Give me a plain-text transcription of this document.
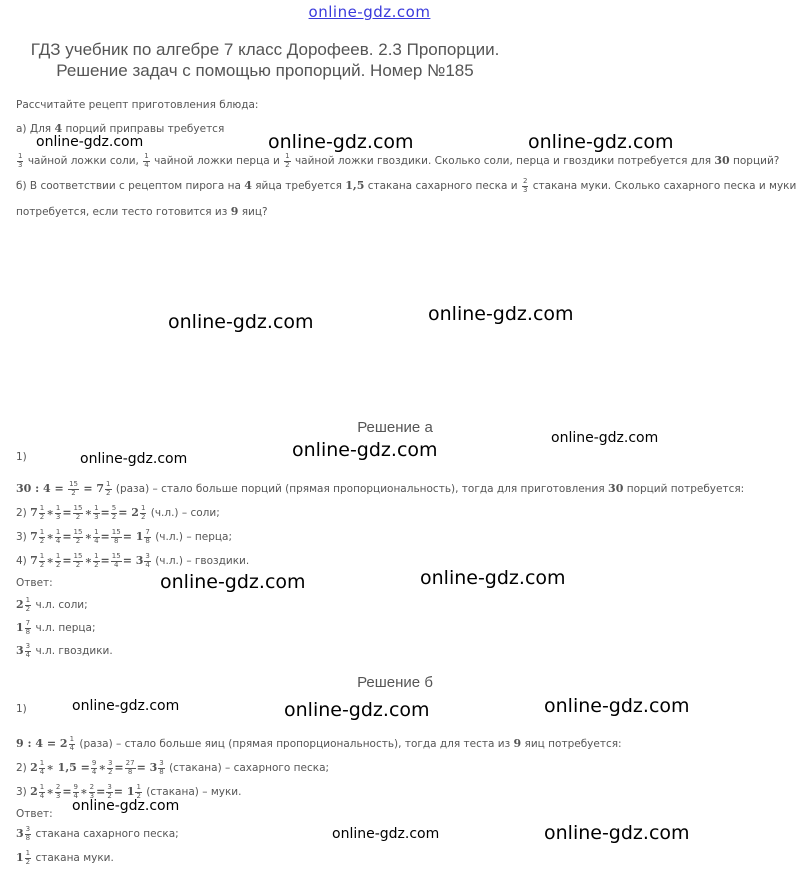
online-gdz.com
ГДЗ учебник по алгебре 7 класс Дорофеев. 2.3 Пропорции.
Решение задач с помощью пропорций. Номер №185
Рассчитайте рецепт приготовления блюда:
а) Для 4 порций приправы требуется
$\frac{1}{3}$ чайной ложки соли, $\frac{1}{4}$ чайной ложки перца и $\frac{1}{2}$ чайной ложки гвоздики. Сколько соли, перца и гвоздики потребуется для 30 порций?
б) В соответствии с рецептом пирога на 4 яйца требуется 1,5 стакана сахарного песка и $\frac{2}{3}$ стакана муки. Сколько сахарного песка и муки
потребуется, если тесто готовится из 9 яиц?
Решение а
1)
30 : $4 = \frac{15}{2} = 7 \frac{1}{2}$ (раза) – стало больше порций (прямая пропорциональность), тогда для приготовления 30 порций потребуется:
2) $7 \frac{1}{2}$ ∗ $\frac{1}{3} = \frac{15}{2}$ ∗ $\frac{1}{3} = \frac{5}{2} = 2 \frac{1}{2} (ч.л.)$ – соли;
3) $7 \frac{1}{2}$ ∗ $\frac{1}{4} = \frac{15}{2}$ ∗ $\frac{1}{4} = \frac{15}{8} = 1 \frac{7}{8} (ч.л.)$ – перца;
4) $7 \frac{1}{2}$ ∗ $\frac{1}{2} = \frac{15}{2}$ ∗ $\frac{1}{2} = \frac{15}{4} = 3 \frac{3}{4} (ч.л.)$ – гвоздики.
Ответ:
$2 \frac{1}{2} ч.л$. соли;
$1 \frac{7}{8} ч.л$. перца;
$3 \frac{3}{4} ч.л$. гвоздики.
Решение б
1)
9 : $4 = 2 \frac{1}{4}$ (раза) – стало больше яиц (прямая пропорциональность), тогда для теста из 9 яиц потребуется:
2) $2 \frac{1}{4}$ ∗ $1,5 = \frac{9}{4}$ ∗ $\frac{3}{2} = \frac{27}{8} = 3 \frac{3}{8}$ (стакана) – сахарного песка;
3) $2 \frac{1}{4}$ ∗ $\frac{2}{3} = \frac{9}{4}$ ∗ $\frac{2}{3} = \frac{3}{2} = 1 \frac{1}{2}$ (стакана) – муки.
Ответ:
$3 \frac{3}{8}$ стакана сахарного песка;
$1 \frac{1}{2}$ стакана муки.
online-gdz.com	online-gdz.com	online-gdz.com
online-gdz.com	online-gdz.com
online-gdz.com
online-gdz.com
online-gdz.com
online-gdz.com	online-gdz.com
online-gdz.com	online-gdz.com	online-gdz.com
online-gdz.com
online-gdz.com	online-gdz.com
